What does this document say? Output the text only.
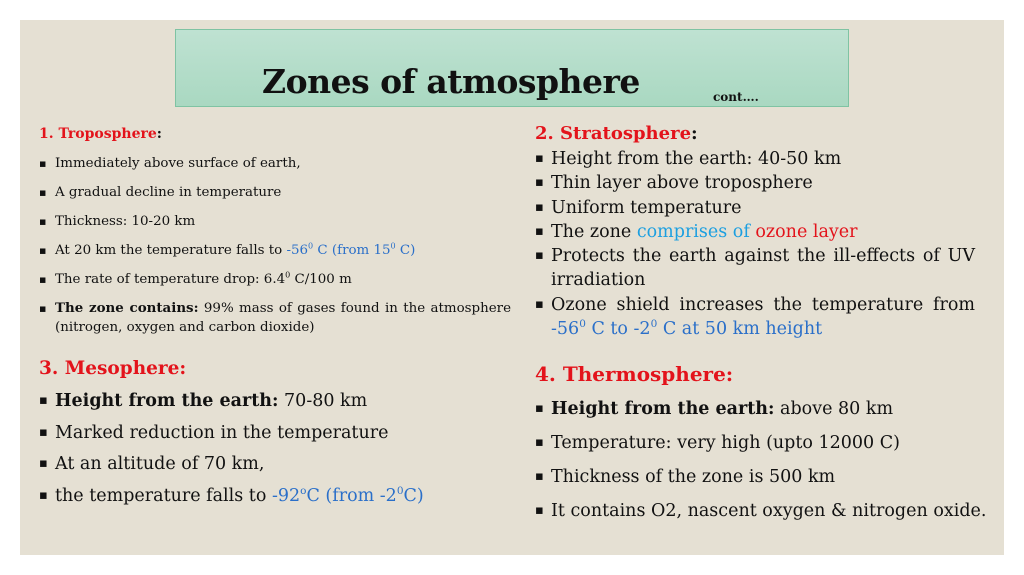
Zones of atmosphere	cont….
1. Troposphere:
▪ Immediately above surface of earth,
▪ A gradual decline in temperature
▪ Thickness: 10-20 km
▪ At 20 km the temperature falls to $-56^0$ C (from $15^0$ C)
▪ The rate of temperature drop: $6.4^0$ C/100 m
▪ The zone contains: 99% mass of gases found in the atmosphere (nitrogen, oxygen and carbon dioxide)
2. Stratosphere:
▪ Height from the earth: 40-50 km
▪ Thin layer above troposphere
▪ Uniform temperature
▪ The zone comprises of ozone layer
▪ Protects the earth against the ill-effects of UV irradiation
▪ Ozone shield increases the temperature from $-56^0$ C to $-2^0$ C at 50 km height
3. Mesophere:
▪ Height from the earth: 70-80 km
▪ Marked reduction in the temperature
▪ At an altitude of 70 km,
▪ the temperature falls to -92$^o$C (from $-2^0C$)
4. Thermosphere:
▪ Height from the earth: above 80 km
▪ Temperature: very high (upto 12000 C)
▪ Thickness of the zone is 500 km
▪ It contains O2, nascent oxygen & nitrogen oxide.
